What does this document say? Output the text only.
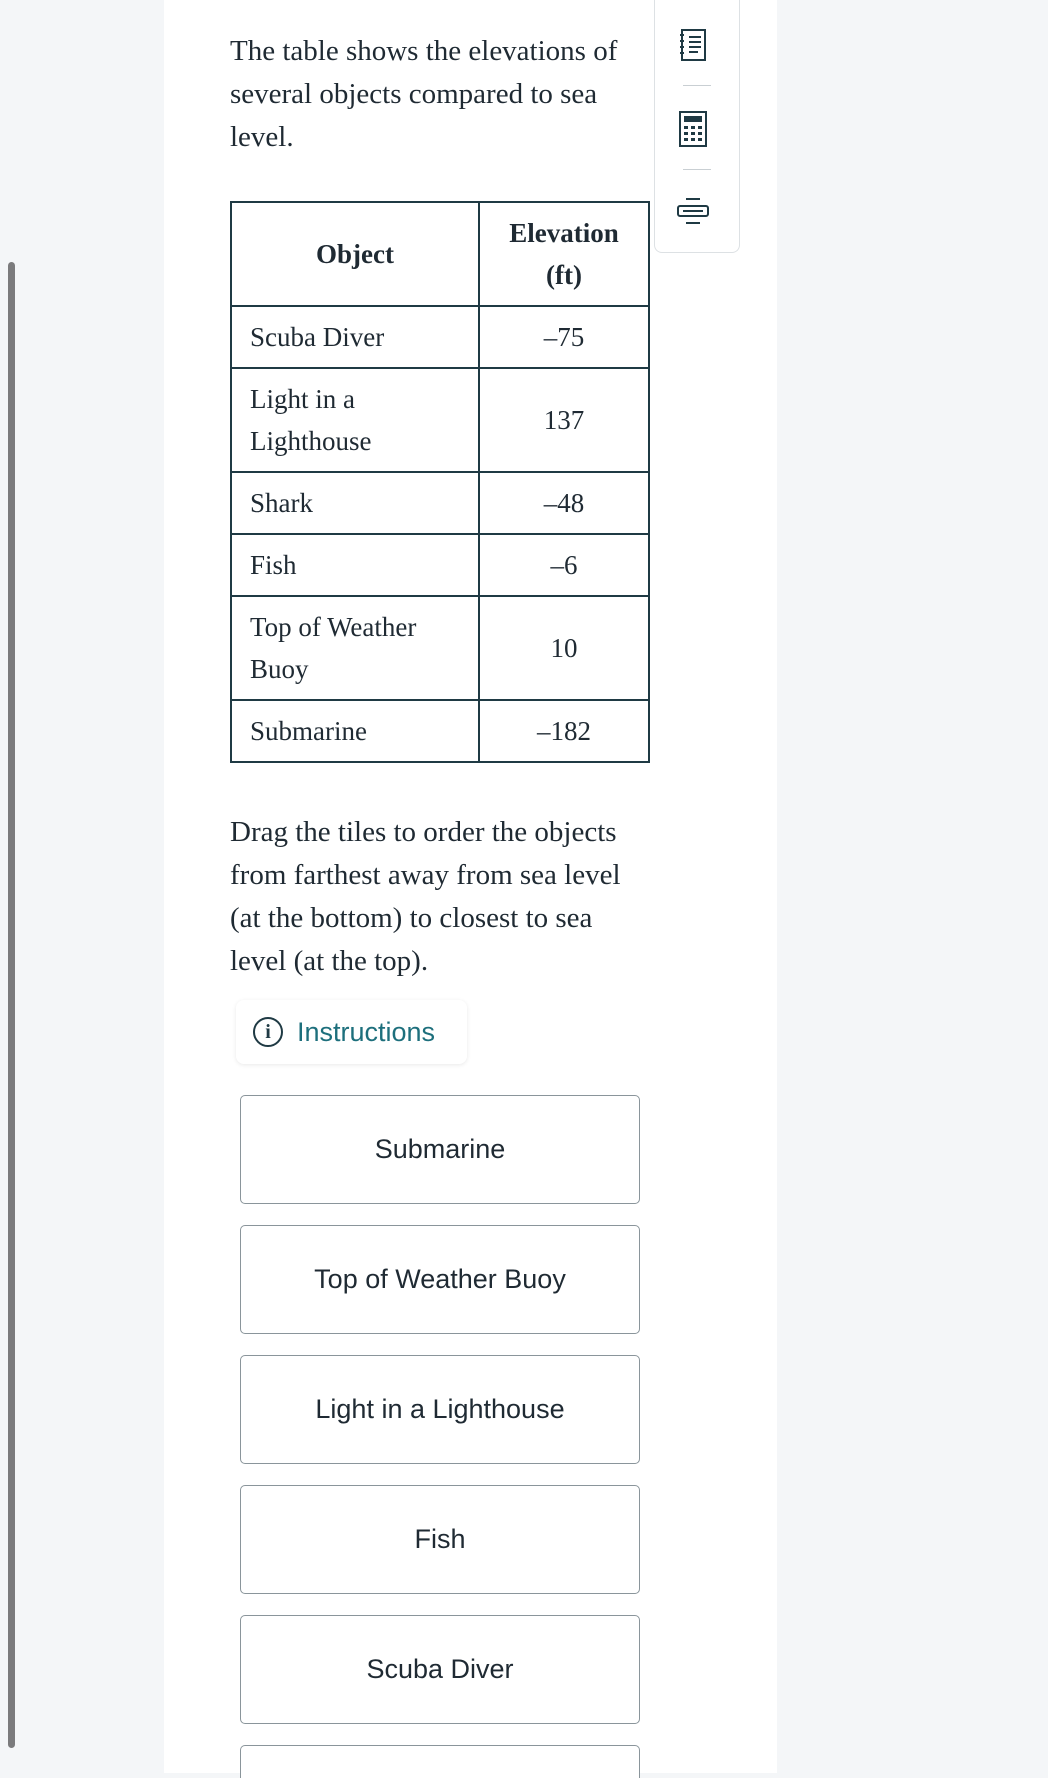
The table shows the elevations of several objects compared to sea level.

Object	Elevation (ft)
Scuba Diver	–75
Light in a Lighthouse	137
Shark	–48
Fish	–6
Top of Weather Buoy	10
Submarine	–182

Drag the tiles to order the objects from farthest away from sea level (at the bottom) to closest to sea level (at the top).

i Instructions
Submarine
Top of Weather Buoy
Light in a Lighthouse
Fish
Scuba Diver
